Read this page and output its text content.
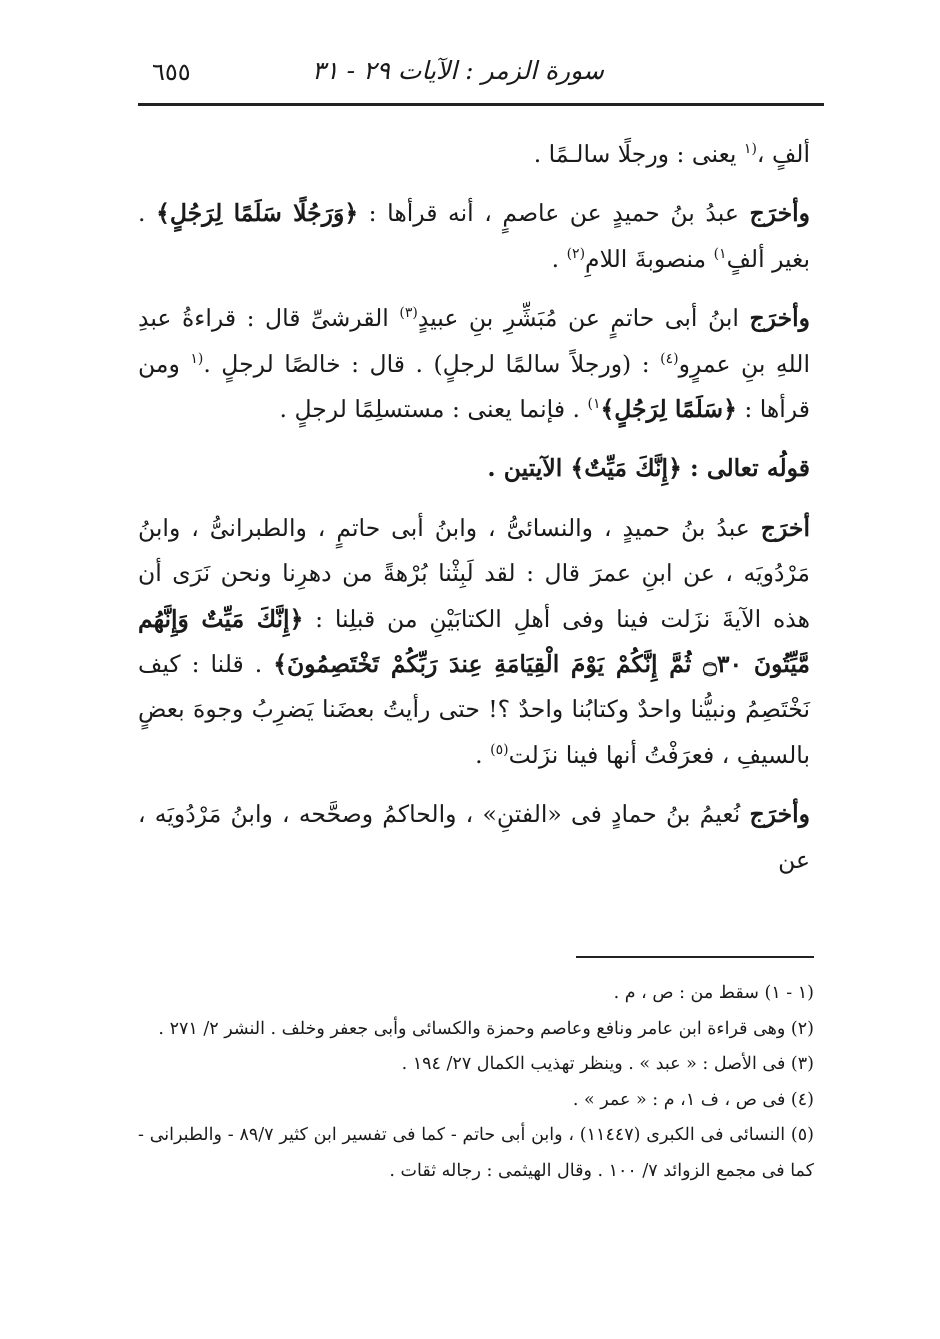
سورة الزمر : الآيات ٢٩ - ٣١
٦٥٥

ألفٍ ،$^{(١}$ يعنى : ورجلًا سالـمًا .

وأخرَج عبدُ بنُ حميدٍ عن عاصمٍ ، أنه قرأها : ﴿وَرَجُلًا سَلَمًا لِرَجُلٍ﴾ . بغير ألفٍ$^{١)}$ منصوبةَ اللامِ$^{(٢)}$ .

وأخرَج ابنُ أبى حاتمٍ عن مُبَشِّرِ بنِ عبيدٍ$^{(٣)}$ القرشىِّ قال : قراءةُ عبدِ اللهِ بنِ عمرٍو$^{(٤)}$ : (ورجلاً سالمًا لرجلٍ) . قال : خالصًا لرجلٍ .$^{(١}$ ومن قرأها : ﴿سَلَمًا لِرَجُلٍ﴾$^{١)}$ . فإنما يعنى : مستسلِمًا لرجلٍ .

قولُه تعالى : ﴿إِنَّكَ مَيِّتٌ﴾ الآيتين .

أخرَج عبدُ بنُ حميدٍ ، والنسائىُّ ، وابنُ أبى حاتمٍ ، والطبرانىُّ ، وابنُ مَرْدُويَه ، عن ابنِ عمرَ قال : لقد لَبِثْنا بُرْهةً من دهرِنا ونحن نَرَى أن هذه الآيةَ نزَلت فينا وفى أهلِ الكتابَيْنِ من قبلِنا : ﴿إِنَّكَ مَيِّتٌ وَإِنَّهُم مَّيِّتُونَ ۝٣٠ ثُمَّ إِنَّكُمْ يَوْمَ الْقِيَامَةِ عِندَ رَبِّكُمْ تَخْتَصِمُونَ﴾ . قلنا : كيف نَخْتَصِمُ ونبيُّنا واحدٌ وكتابُنا واحدٌ ؟! حتى رأيتُ بعضَنا يَضرِبُ وجوهَ بعضٍ بالسيفِ ، فعرَفْتُ أنها فينا نزَلت$^{(٥)}$ .

وأخرَج نُعيمُ بنُ حمادٍ فى «الفتنِ» ، والحاكمُ وصحَّحه ، وابنُ مَرْدُويَه ، عن

(١ - ١) سقط من : ص ، م .

(٢) وهى قراءة ابن عامر ونافع وعاصم وحمزة والكسائى وأبى جعفر وخلف . النشر ٢/ ٢٧١ .

(٣) فى الأصل : « عبد » . وينظر تهذيب الكمال ٢٧/ ١٩٤ .

(٤) فى ص ، ف ١، م : « عمر » .

(٥) النسائى فى الكبرى (١١٤٤٧) ، وابن أبى حاتم - كما فى تفسير ابن كثير ٨٩/٧ - والطبرانى - كما فى مجمع الزوائد ٧/ ١٠٠ . وقال الهيثمى : رجاله ثقات .
